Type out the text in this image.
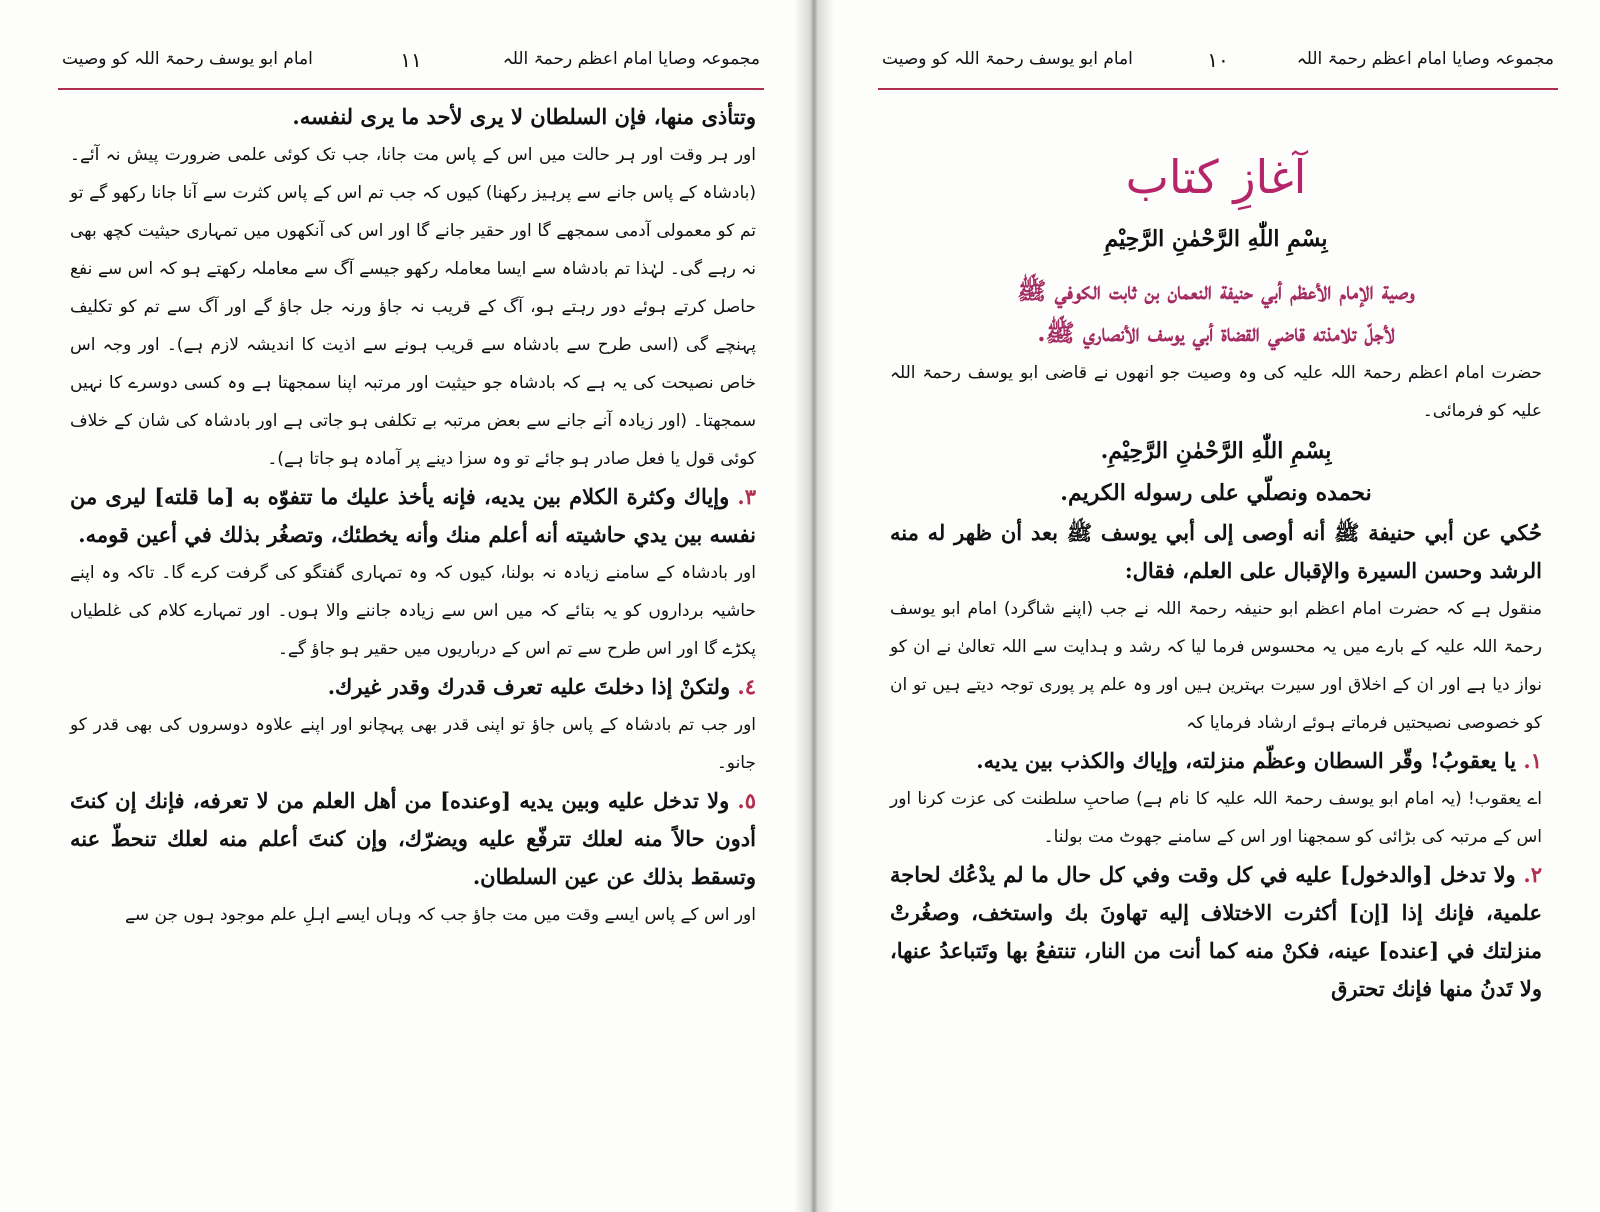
مجموعہ وصایا امام اعظم رحمۃ اللہ
١١
امام ابو یوسف رحمۃ اللہ کو وصیت
وتتأذى منها، فإن السلطان لا يرى لأحد ما يرى لنفسه.
اور ہر وقت اور ہر حالت میں اس کے پاس مت جانا، جب تک کوئی علمی ضرورت پیش نہ آئے۔(بادشاہ کے پاس جانے سے پرہیز رکھنا) کیوں کہ جب تم اس کے پاس کثرت سے آنا جانا رکھو گے تو تم کو معمولی آدمی سمجھے گا اور حقیر جانے گا اور اس کی آنکھوں میں تمہاری حیثیت کچھ بھی نہ رہے گی۔ لہٰذا تم بادشاہ سے ایسا معاملہ رکھو جیسے آگ سے معاملہ رکھتے ہو کہ اس سے نفع حاصل کرتے ہوئے دور رہتے ہو، آگ کے قریب نہ جاؤ ورنہ جل جاؤ گے اور آگ سے تم کو تکلیف پہنچے گی (اسی طرح سے بادشاہ سے قریب ہونے سے اذیت کا اندیشہ لازم ہے)۔ اور وجہ اس خاص نصیحت کی یہ ہے کہ بادشاہ جو حیثیت اور مرتبہ اپنا سمجھتا ہے وہ کسی دوسرے کا نہیں سمجھتا۔ (اور زیادہ آنے جانے سے بعض مرتبہ بے تکلفی ہو جاتی ہے اور بادشاہ کی شان کے خلاف کوئی قول یا فعل صادر ہو جائے تو وہ سزا دینے پر آمادہ ہو جاتا ہے)۔
٣. وإياك وكثرة الكلام بين يديه، فإنه يأخذ عليك ما تتفوّه به [ما قلته] ليرى من نفسه بين يدي حاشيته أنه أعلم منك وأنه يخطئك، وتصغُر بذلك في أعين قومه.
اور بادشاہ کے سامنے زیادہ نہ بولنا، کیوں کہ وہ تمہاری گفتگو کی گرفت کرے گا۔ تاکہ وہ اپنے حاشیہ برداروں کو یہ بتائے کہ میں اس سے زیادہ جاننے والا ہوں۔ اور تمہارے کلام کی غلطیاں پکڑے گا اور اس طرح سے تم اس کے درباریوں میں حقیر ہو جاؤ گے۔
٤. ولتكنْ إذا دخلتَ عليه تعرف قدرك وقدر غيرك.
اور جب تم بادشاہ کے پاس جاؤ تو اپنی قدر بھی پہچانو اور اپنے علاوہ دوسروں کی بھی قدر کو جانو۔
٥. ولا تدخل عليه وبين يديه [وعنده] من أهل العلم من لا تعرفه، فإنك إن كنتَ أدون حالاً منه لعلك تترفّع عليه ويضرّك، وإن كنتَ أعلم منه لعلك تنحطّ عنه وتسقط بذلك عن عين السلطان.
اور اس کے پاس ایسے وقت میں مت جاؤ جب کہ وہاں ایسے اہلِ علم موجود ہوں جن سے
مجموعہ وصایا امام اعظم رحمۃ اللہ
١٠
امام ابو یوسف رحمۃ اللہ کو وصیت
آغازِ کتاب
بِسْمِ اللّٰهِ الرَّحْمٰنِ الرَّحِيْمِ
وصية الإمام الأعظم أبي حنيفة النعمان بن ثابت الكوفي ﷺ
لأجلّ تلامذته قاضي القضاة أبي يوسف الأنصاري ﷺ.
حضرت امام اعظم رحمۃ اللہ علیہ کی وہ وصیت جو انھوں نے قاضی ابو یوسف رحمۃ اللہ علیہ کو فرمائی۔
بِسْمِ اللّٰهِ الرَّحْمٰنِ الرَّحِيْمِ.
نحمده ونصلّي على رسوله الكريم.
حُكي عن أبي حنيفة ﷺ أنه أوصى إلى أبي يوسف ﷺ بعد أن ظهر له منه الرشد وحسن السيرة والإقبال على العلم، فقال:
منقول ہے کہ حضرت امام اعظم ابو حنیفہ رحمۃ اللہ نے جب (اپنے شاگرد) امام ابو یوسف رحمۃ اللہ علیہ کے بارے میں یہ محسوس فرما لیا کہ رشد و ہدایت سے اللہ تعالیٰ نے ان کو نواز دیا ہے اور ان کے اخلاق اور سیرت بہترین ہیں اور وہ علم پر پوری توجہ دیتے ہیں تو ان کو خصوصی نصیحتیں فرماتے ہوئے ارشاد فرمایا کہ
١. يا يعقوبُ! وقّر السطان وعظّم منزلته، وإياك والكذب بين يديه.
اے یعقوب! (یہ امام ابو یوسف رحمۃ اللہ علیہ کا نام ہے) صاحبِ سلطنت کی عزت کرنا اور اس کے مرتبہ کی بڑائی کو سمجھنا اور اس کے سامنے جھوٹ مت بولنا۔
٢. ولا تدخل [والدخول] عليه في كل وقت وفي كل حال ما لم يدْعُك لحاجة علمية، فإنك إذا [إن] أكثرت الاختلاف إليه تهاونَ بك واستخف، وصغُرتْ منزلتك في [عنده] عينه، فكنْ منه كما أنت من النار، تنتفعُ بها وتَتباعدُ عنها، ولا تَدنُ منها فإنك تحترق
